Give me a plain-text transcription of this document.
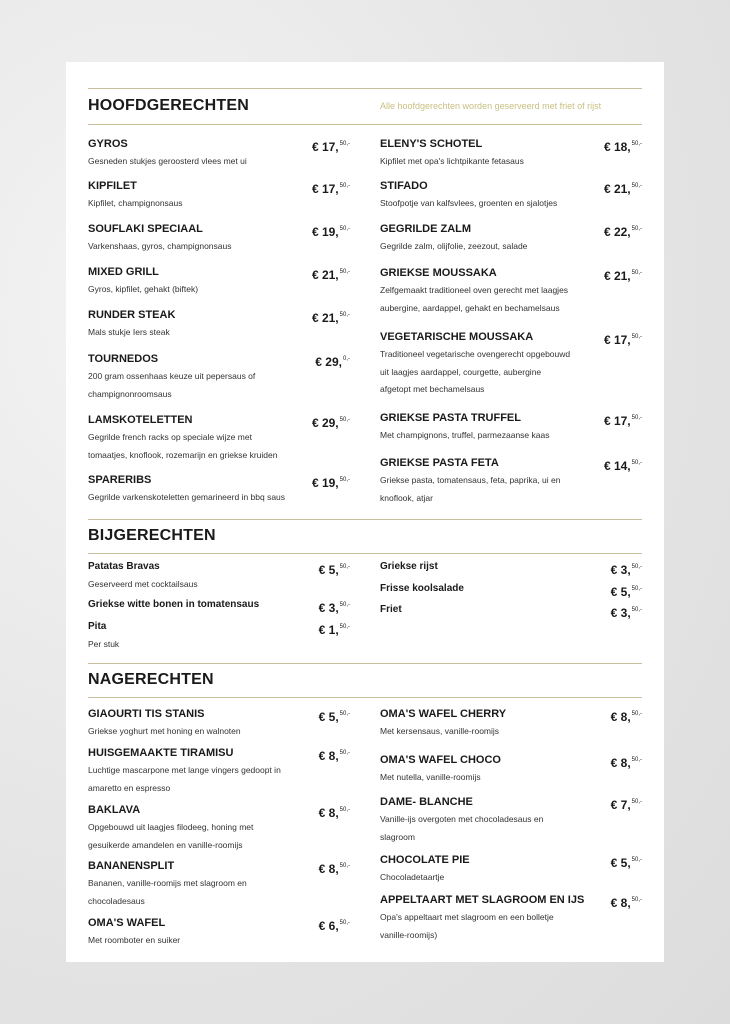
HOOFDGERECHTEN	Alle hoofdgerechten worden geserveerd met friet of rijst
GYROS	€ 17,$^{50,-}$
Gesneden stukjes geroosterd vlees met ui
KIPFILET	€ 17,$^{50,-}$
Kipfilet, champignonsaus
SOUFLAKI SPECIAAL	€ 19,$^{50,-}$
Varkenshaas, gyros, champignonsaus
MIXED GRILL	€ 21,$^{50,-}$
Gyros, kipfilet, gehakt (biftek)
RUNDER STEAK	€ 21,$^{50,-}$
Mals stukje Iers steak
TOURNEDOS	€ 29,$^{0,-}$
200 gram ossenhaas keuze uit pepersaus of
champignonroomsaus
LAMSKOTELETTEN	€ 29,$^{50,-}$
Gegrilde french racks op speciale wijze met
tomaatjes, knoflook, rozemarijn en griekse kruiden
SPARERIBS	€ 19,$^{50,-}$
Gegrilde varkenskoteletten gemarineerd in bbq saus
ELENY'S SCHOTEL	€ 18,$^{50,-}$
Kipfilet met opa's lichtpikante fetasaus
STIFADO	€ 21,$^{50,-}$
Stoofpotje van kalfsvlees, groenten en sjalotjes
GEGRILDE ZALM	€ 22,$^{50,-}$
Gegrilde zalm, olijfolie, zeezout, salade
GRIEKSE MOUSSAKA	€ 21,$^{50,-}$
Zelfgemaakt traditioneel oven gerecht met laagjes
aubergine, aardappel, gehakt en bechamelsaus
VEGETARISCHE MOUSSAKA	€ 17,$^{50,-}$
Traditioneel vegetarische ovengerecht opgebouwd
uit laagjes aardappel, courgette, aubergine
afgetopt met bechamelsaus
GRIEKSE PASTA TRUFFEL	€ 17,$^{50,-}$
Met champignons, truffel, parmezaanse kaas
GRIEKSE PASTA FETA	€ 14,$^{50,-}$
Griekse pasta, tomatensaus, feta, paprika, ui en
knoflook, atjar
BIJGERECHTEN
Patatas Bravas	€ 5,$^{50,-}$
Geserveerd met cocktailsaus
Griekse witte bonen in tomatensaus	€ 3,$^{50,-}$
Pita	€ 1,$^{50,-}$
Per stuk
Griekse rijst	€ 3,$^{50,-}$
Frisse koolsalade	€ 5,$^{50,-}$
Friet	€ 3,$^{50,-}$
NAGERECHTEN
GIAOURTI TIS STANIS	€ 5,$^{50,-}$
Griekse yoghurt met honing en walnoten
HUISGEMAAKTE TIRAMISU	€ 8,$^{50,-}$
Luchtige mascarpone met lange vingers gedoopt in
amaretto en espresso
BAKLAVA	€ 8,$^{50,-}$
Opgebouwd uit laagjes filodeeg, honing met
gesuikerde amandelen en vanille-roomijs
BANANENSPLIT	€ 8,$^{50,-}$
Bananen, vanille-roomijs met slagroom en
chocoladesaus
OMA'S WAFEL	€ 6,$^{50,-}$
Met roomboter en suiker
OMA'S WAFEL CHERRY	€ 8,$^{50,-}$
Met kersensaus, vanille-roomijs
OMA'S WAFEL CHOCO	€ 8,$^{50,-}$
Met nutella, vanille-roomijs
DAME- BLANCHE	€ 7,$^{50,-}$
Vanille-ijs overgoten met chocoladesaus en
slagroom
CHOCOLATE PIE	€ 5,$^{50,-}$
Chocoladetaartje
APPELTAART MET SLAGROOM EN IJS	€ 8,$^{50,-}$
Opa's appeltaart met slagroom en een bolletje
vanille-roomijs)
